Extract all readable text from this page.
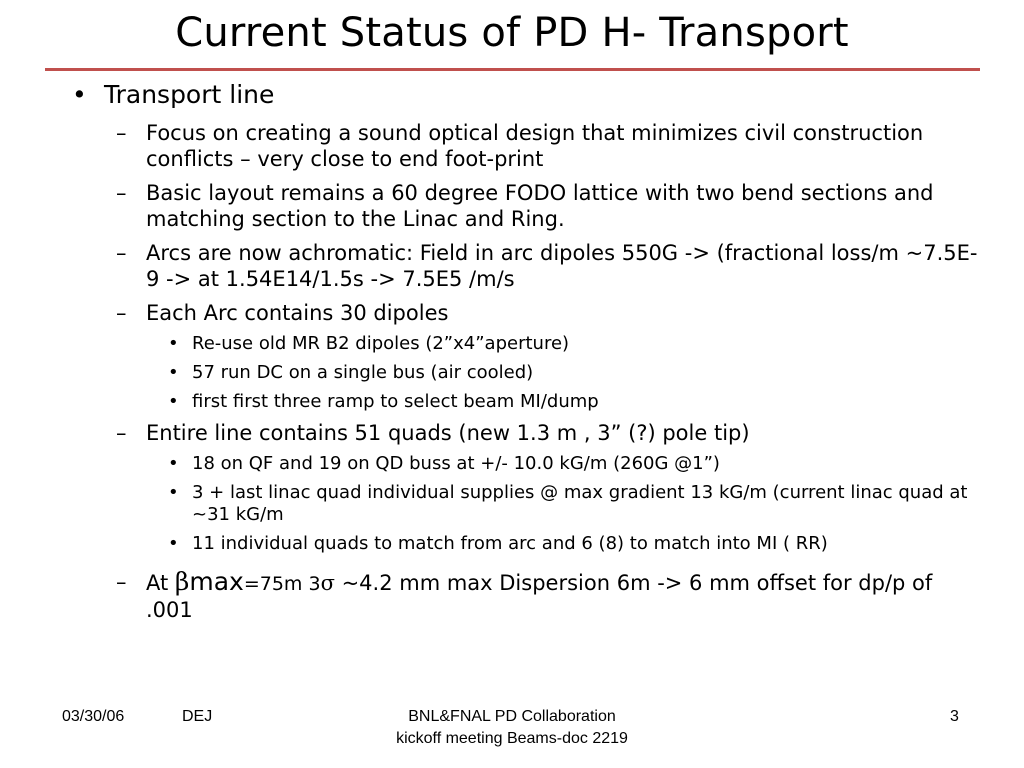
Current Status of PD H- Transport
• Transport line
– Focus on creating a sound optical design that minimizes civil construction conflicts – very close to end foot-print
– Basic layout remains a 60 degree FODO lattice with two bend sections and matching section to the Linac and Ring.
– Arcs are now achromatic: Field in arc dipoles 550G -> (fractional loss/m ~7.5E-9 -> at 1.54E14/1.5s -> 7.5E5 /m/s
– Each Arc contains 30 dipoles
• Re-use old MR B2 dipoles (2”x4”aperture)
• 57 run DC on a single bus (air cooled)
• first first three ramp to select beam MI/dump
– Entire line contains 51 quads (new 1.3 m , 3” (?) pole tip)
• 18 on QF and 19 on QD buss at +/- 10.0 kG/m (260G @1”)
• 3 + last linac quad individual supplies @ max gradient 13 kG/m (current linac quad at ~31 kG/m
• 11 individual quads to match from arc and 6 (8) to match into MI ( RR)
– At βmax=75m 3σ ~4.2 mm max Dispersion 6m -> 6 mm offset for dp/p of .001
03/30/06	DEJ	BNL&FNAL PD Collaboration
kickoff meeting Beams-doc 2219
3
